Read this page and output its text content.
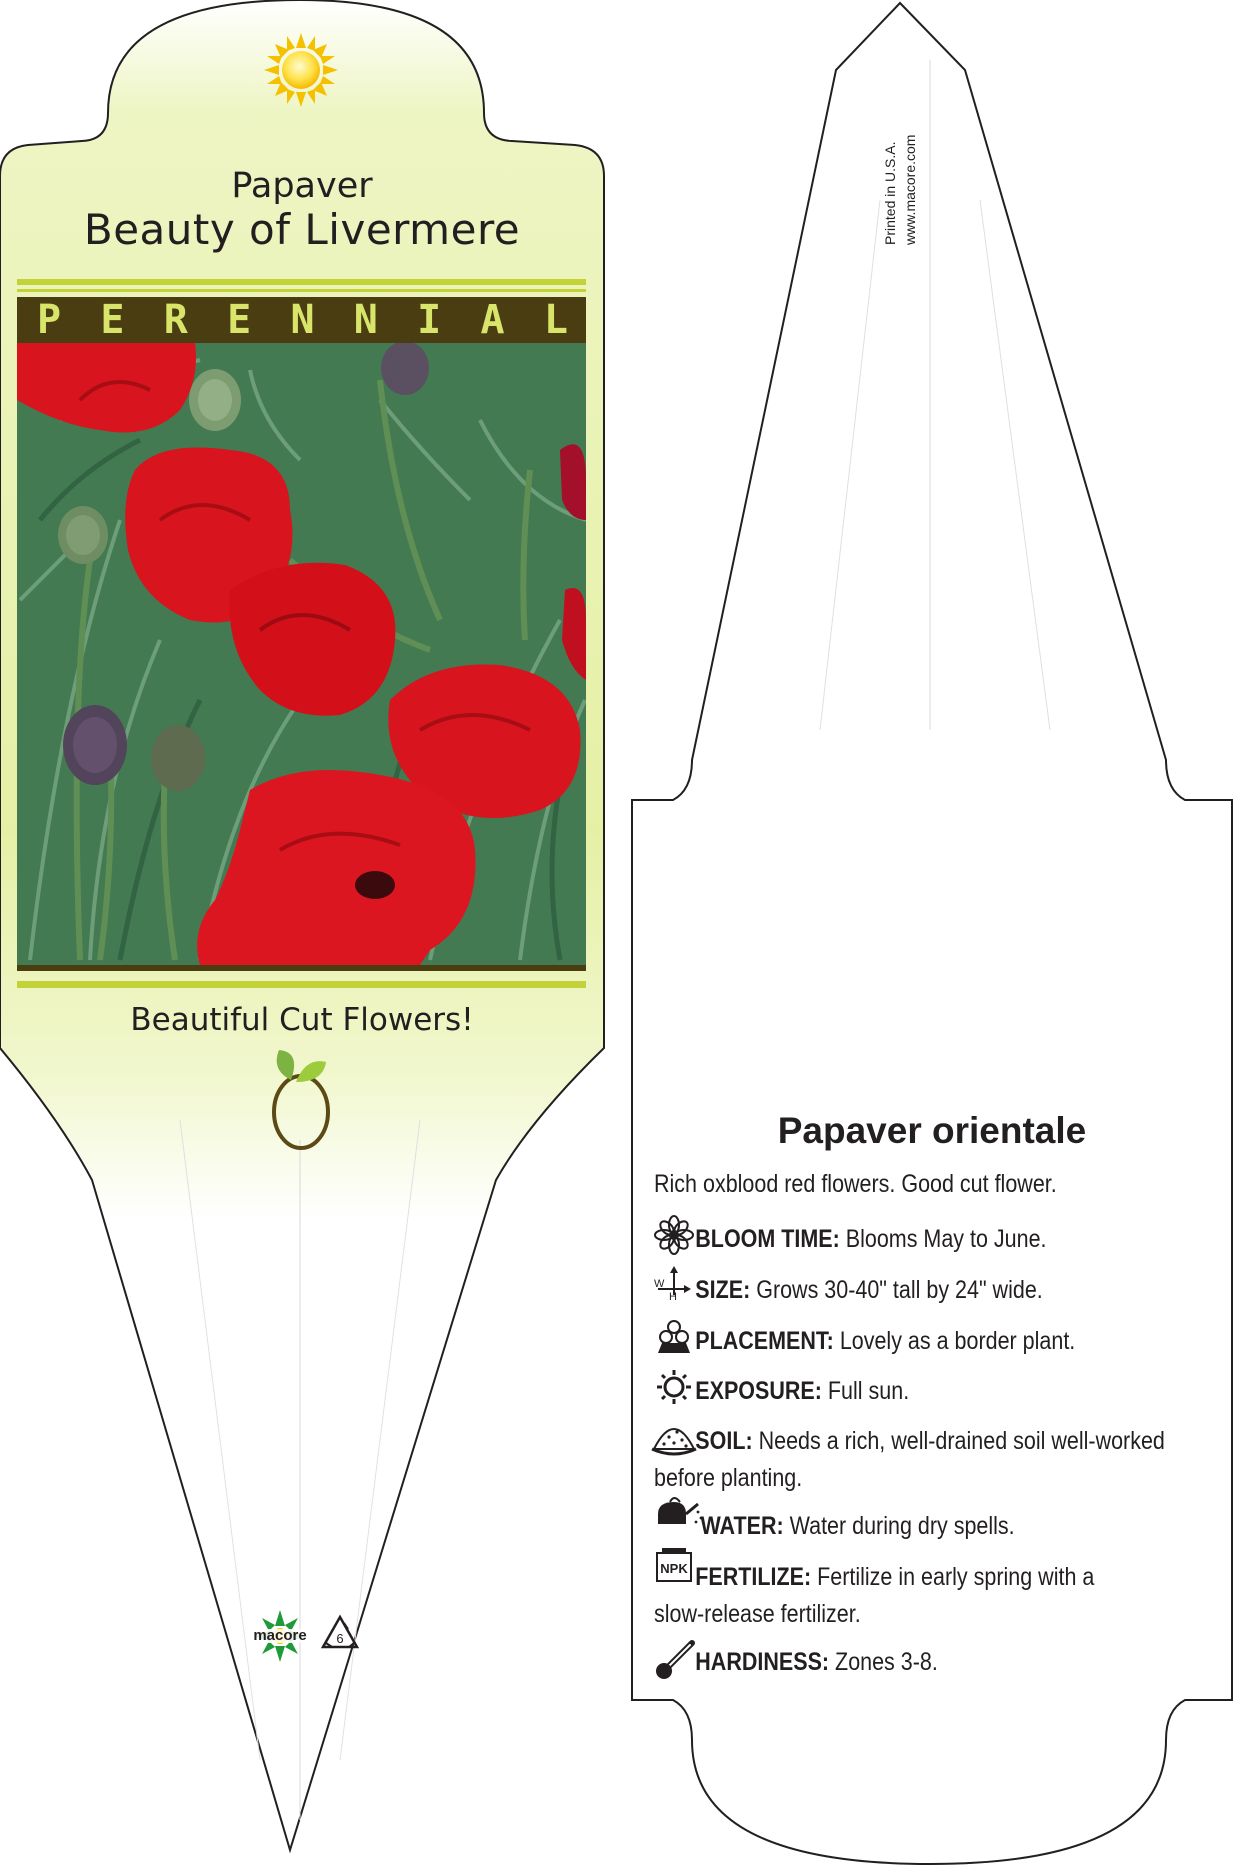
NPK
Papaver
Beauty of Livermere
P E R E N N I A L
Beautiful Cut Flowers!
macore	6
Printed in U.S.A. www.macore.com
Papaver orientale
Rich oxblood red flowers. Good cut flower.
W
H
BLOOM TIME: Blooms May to June.
SIZE: Grows 30-40" tall by 24" wide.
PLACEMENT: Lovely as a border plant.
EXPOSURE: Full sun.
SOIL: Needs a rich, well-drained soil well-worked
before planting.
WATER: Water during dry spells.
FERTILIZE: Fertilize in early spring with a
slow-release fertilizer.
HARDINESS: Zones 3-8.
